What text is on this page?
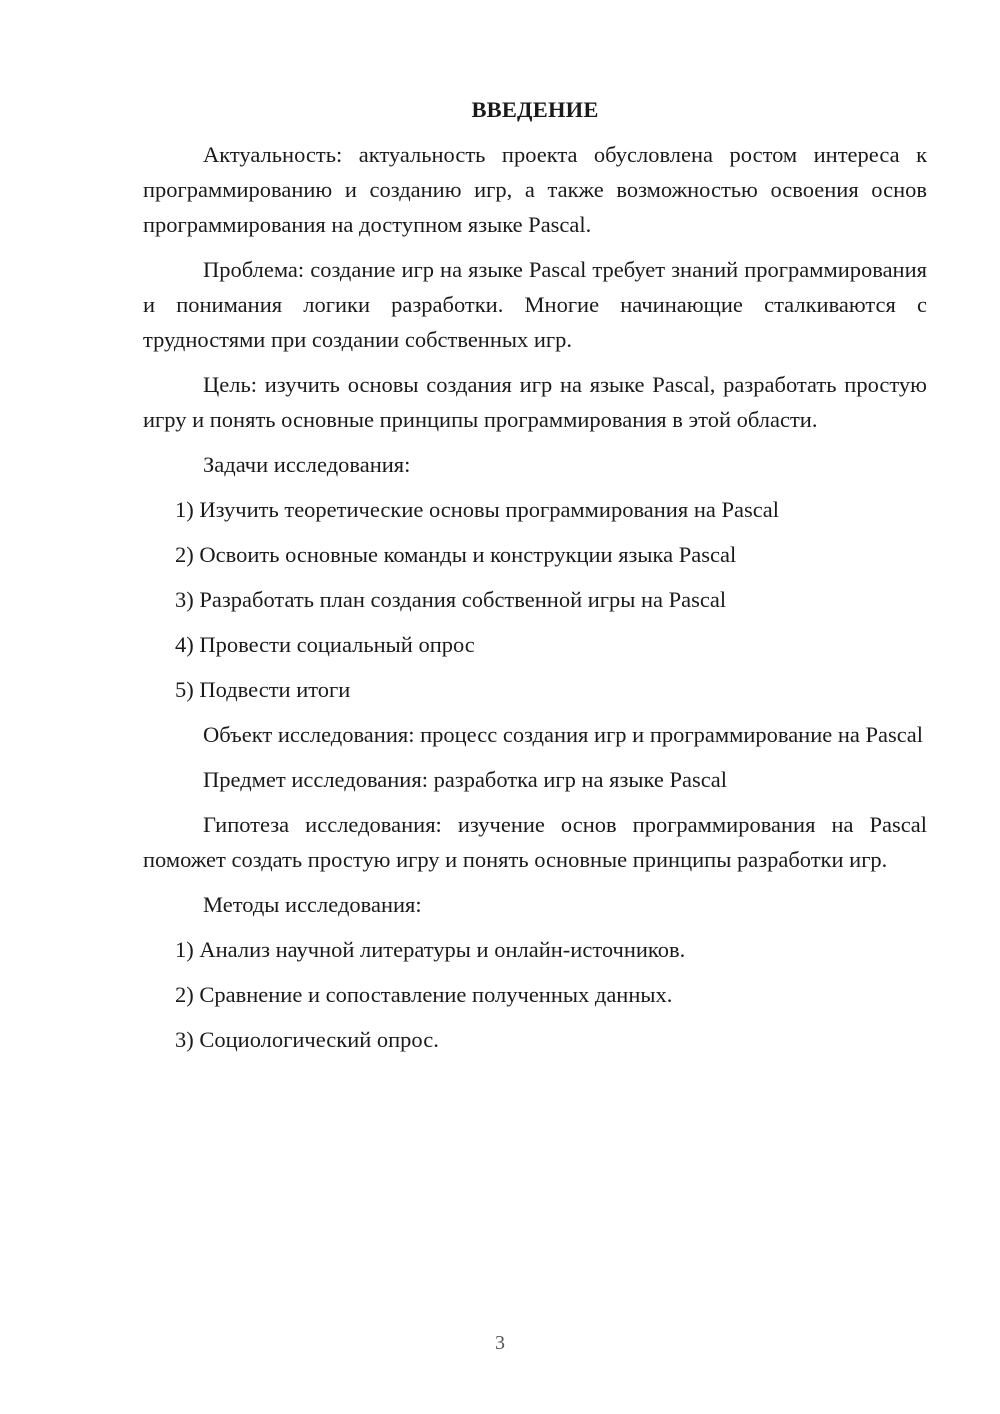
ВВЕДЕНИЕ

Актуальность: актуальность проекта обусловлена ростом интереса к программированию и созданию игр, а также возможностью освоения основ программирования на доступном языке Pascal.

Проблема: создание игр на языке Pascal требует знаний программирования и понимания логики разработки. Многие начинающие сталкиваются с трудностями при создании собственных игр.

Цель: изучить основы создания игр на языке Pascal, разработать простую игру и понять основные принципы программирования в этой области.

Задачи исследования:

1) Изучить теоретические основы программирования на Pascal
2) Освоить основные команды и конструкции языка Pascal
3) Разработать план создания собственной игры на Pascal
4) Провести социальный опрос
5) Подвести итоги

Объект исследования: процесс создания игр и программирование на Pascal

Предмет исследования: разработка игр на языке Pascal

Гипотеза исследования: изучение основ программирования на Pascal поможет создать простую игру и понять основные принципы разработки игр.

Методы исследования:

1) Анализ научной литературы и онлайн-источников.
2) Сравнение и сопоставление полученных данных.
3) Социологический опрос.
3
